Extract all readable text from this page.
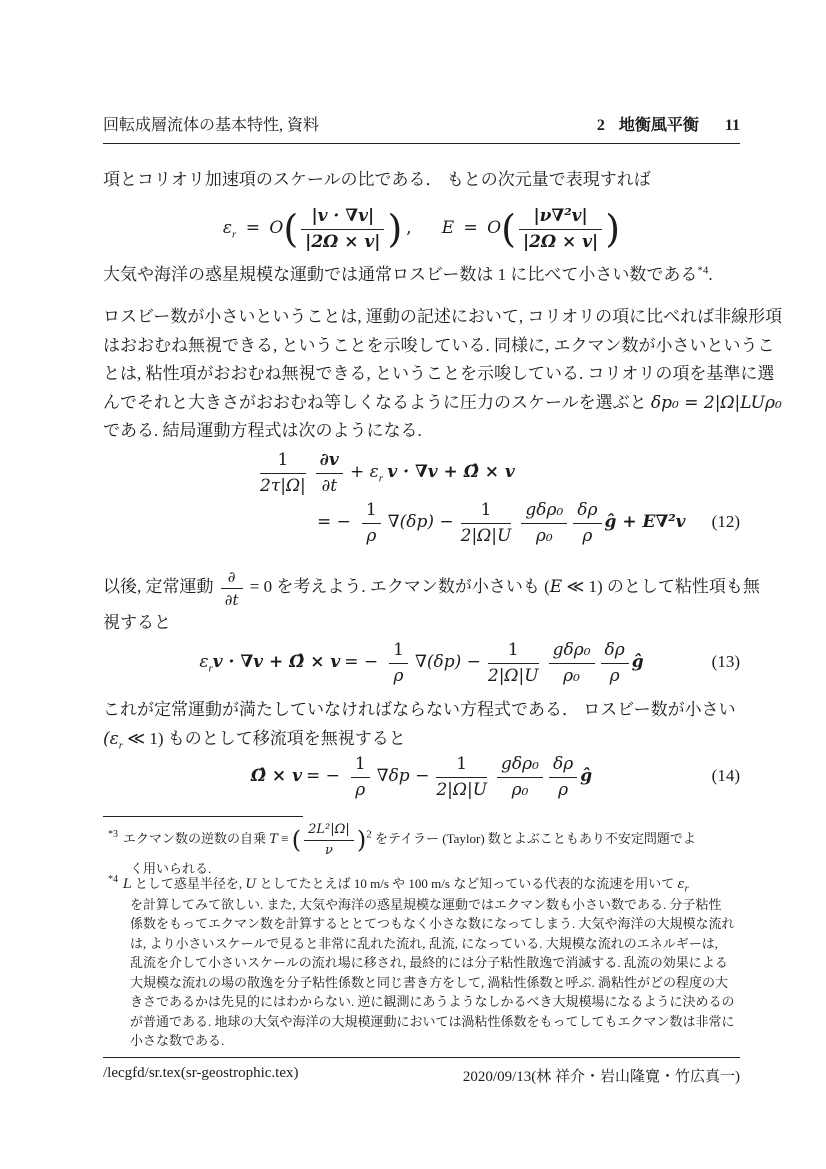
回転成層流体の基本特性, 資料	2 地衡風平衡 11
項とコリオリ加速項のスケールの比である． もとの次元量で表現すれば
$\varepsilon_r = O( \frac{|v \cdot \nabla v|}{|2\Omega \times v|}$ ) , $E = O( \frac{\text{|ν∇²v|}}{|2\Omega \times v|}$ )
大気や海洋の惑星規模な運動では通常ロスビー数は 1 に比べて小さい数である$^{*4}$.
ロスビー数が小さいということは, 運動の記述において, コリオリの項に比べれば非線形項
はおおむね無視できる, ということを示唆している. 同様に, エクマン数が小さいというこ
とは, 粘性項がおおむね無視できる, ということを示唆している. コリオリの項を基準に選
んでそれと大きさがおおむね等しくなるように圧力のスケールを選ぶと δp₀ = 2|Ω|LUρ₀
である. 結局運動方程式は次のようになる.
$\frac{1}{2\tau|\Omega|} \frac{\partial v}{\partial t} + \varepsilon_r$ v · ∇v + Ω̂ × v
= − $\frac{1}{\rho} \nabla(\delta p) - \frac{1}{2|\Omega|U} \frac{\text{gδρ₀}}{\text{ρ₀}} \frac{\delta\rho}{\rho}$ ĝ + E∇²v (12)
以後, 定常運動 $\frac{\partial}{\partial t} = 0$ を考えよう. エクマン数が小さいも (E ≪ 1) のとして粘性項も無
視すると
$\varepsilon_rv \cdot \nabla v$ + Ω̂ × v = − $\frac{1}{\rho} \nabla(\delta p) - \frac{1}{2|\Omega|U} \frac{\text{gδρ₀}}{\text{ρ₀}} \frac{\delta\rho}{\rho}$ ĝ	(13)
これが定常運動が満たしていなければならない方程式である． ロスビー数が小さい
($\varepsilon_r$ ≪ 1) ものとして移流項を無視すると
Ω̂ × v = − $\frac{1}{\rho} \nabla\delta p - \frac{1}{2|\Omega|U} \frac{\text{gδρ₀}}{\text{ρ₀}} \frac{\delta\rho}{\rho}$ ĝ	(14)
$^{*3}$ エクマン数の逆数の自乗 T ≡ ( $\frac{\text{2L²|Ω|}}{\nu} )^2$ をテイラー (Taylor) 数とよぶこともあり不安定問題でよ
く用いられる.
$^{*4}$ L として惑星半径を, U としてたとえば 10 m/s や 100 m/s など知っている代表的な流速を用いて $\varepsilon_r$
を計算してみて欲しい. また, 大気や海洋の惑星規模な運動ではエクマン数も小さい数である. 分子粘性
係数をもってエクマン数を計算するととてつもなく小さな数になってしまう. 大気や海洋の大規模な流れ
は, より小さいスケールで見ると非常に乱れた流れ, 乱流, になっている. 大規模な流れのエネルギーは,
乱流を介して小さいスケールの流れ場に移され, 最終的には分子粘性散逸で消滅する. 乱流の効果による
大規模な流れの場の散逸を分子粘性係数と同じ書き方をして, 渦粘性係数と呼ぶ. 渦粘性がどの程度の大
きさであるかは先見的にはわからない. 逆に観測にあうようなしかるべき大規模場になるように決めるの
が普通である. 地球の大気や海洋の大規模運動においては渦粘性係数をもってしてもエクマン数は非常に
小さな数である.
/lecgfd/sr.tex(sr-geostrophic.tex)	2020/09/13(林 祥介・岩山隆寛・竹広真一)
